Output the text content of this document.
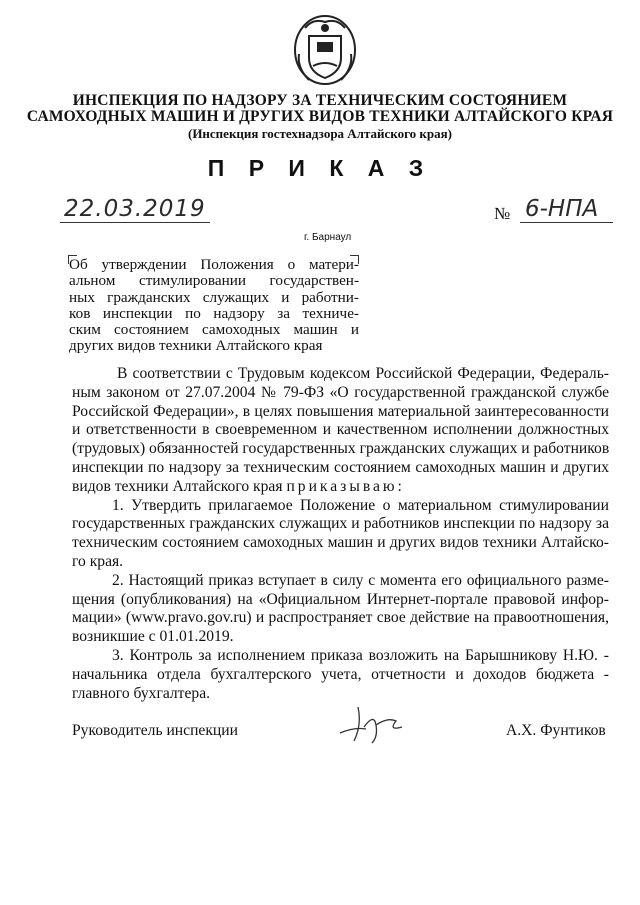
ИНСПЕКЦИЯ ПО НАДЗОРУ ЗА ТЕХНИЧЕСКИМ СОСТОЯНИЕМ
САМОХОДНЫХ МАШИН И ДРУГИХ ВИДОВ ТЕХНИКИ АЛТАЙСКОГО КРАЯ
(Инспекция гостехнадзора Алтайского края)
П Р И К А З
22.03.2019	№ 6-НПА
г. Барнаул
Об утверждении Положения о матери-
альном стимулировании государствен-
ных гражданских служащих и работни-
ков инспекции по надзору за техниче-
ским состоянием самоходных машин и
других видов техники Алтайского края
В соответствии с Трудовым кодексом Российской Федерации, Федераль-
ным законом от 27.07.2004 № 79-ФЗ «О государственной гражданской службе
Российской Федерации», в целях повышения материальной заинтересованности
и ответственности в своевременном и качественном исполнении должностных
(трудовых) обязанностей государственных гражданских служащих и работников
инспекции по надзору за техническим состоянием самоходных машин и других
видов техники Алтайского края приказываю:
1. Утвердить прилагаемое Положение о материальном стимулировании
государственных гражданских служащих и работников инспекции по надзору за
техническим состоянием самоходных машин и других видов техники Алтайско-
го края.
2. Настоящий приказ вступает в силу с момента его официального разме-
щения (опубликования) на «Официальном Интернет-портале правовой инфор-
мации» (www.pravo.gov.ru) и распространяет свое действие на правоотношения,
возникшие с 01.01.2019.
3. Контроль за исполнением приказа возложить на Барышникову Н.Ю. -
начальника отдела бухгалтерского учета, отчетности и доходов бюджета -
главного бухгалтера.
Руководитель инспекции	А.Х. Фунтиков
